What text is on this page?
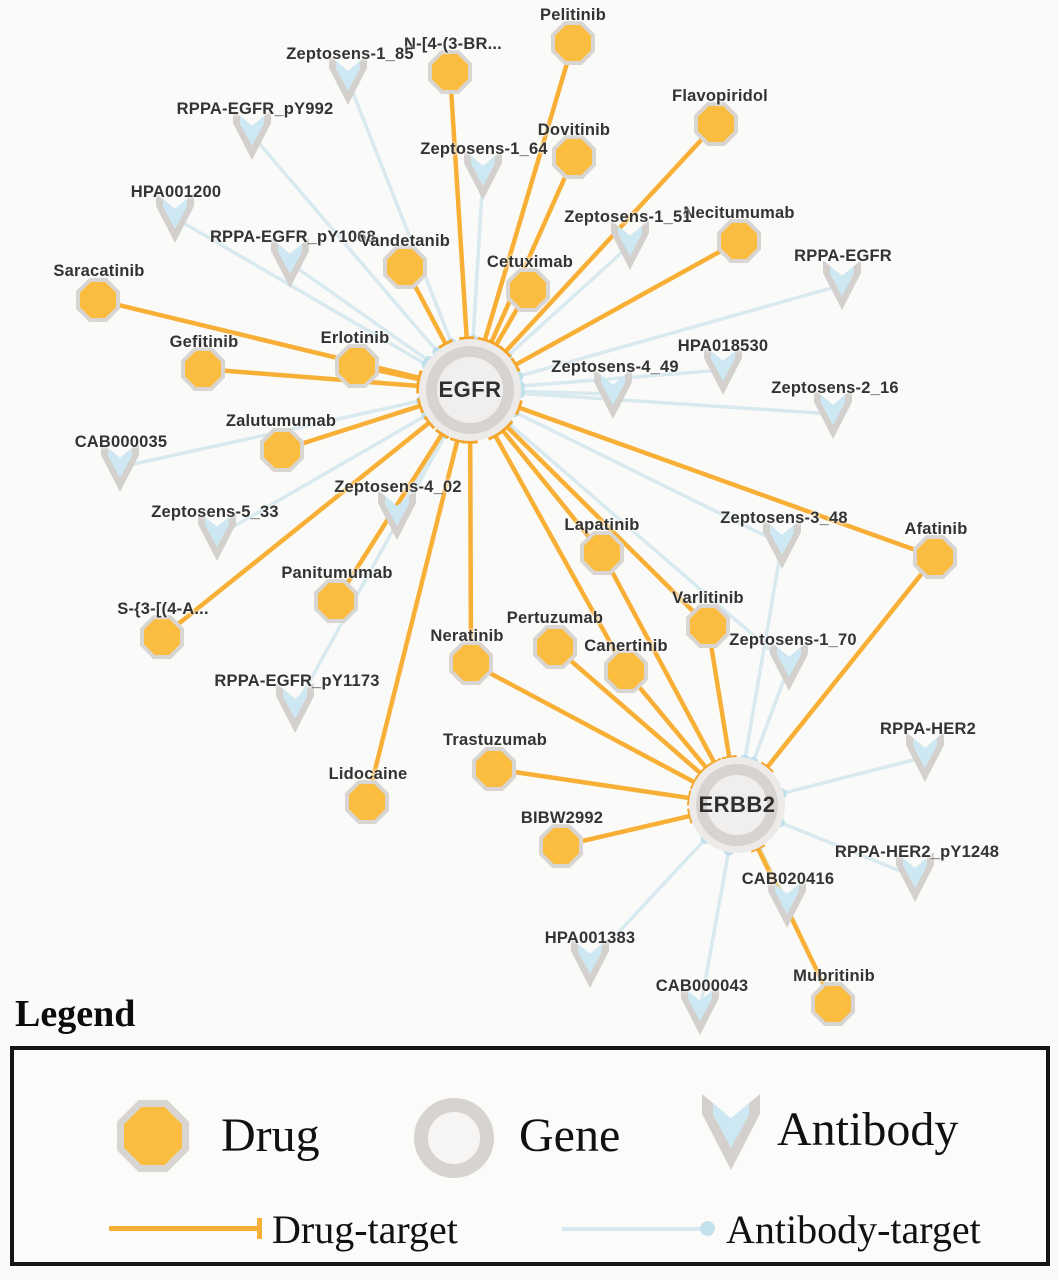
EGFR
ERBB2
Pelitinib
N-[4-(3-BR...
Zeptosens-1_85
Flavopiridol
RPPA-EGFR_pY992
Dovitinib
Zeptosens-1_64
HPA001200
Necitumumab
Zeptosens-1_51
RPPA-EGFR_pY1068
Vandetanib
RPPA-EGFR
Cetuximab
Saracatinib
Erlotinib
Gefitinib	HPA018530
Zeptosens-4_49
Zeptosens-2_16
Zalutumumab
CAB000035
Zeptosens-4_02
Zeptosens-5_33	Zeptosens-3_48
Lapatinib	Afatinib
Panitumumab
Varlitinib
S-{3-[(4-A...	Pertuzumab
Neratinib	Zeptosens-1_70
Canertinib
RPPA-EGFR_pY1173
RPPA-HER2
Trastuzumab
Lidocaine
BIBW2992
RPPA-HER2_pY1248
CAB020416
HPA001383
Mubritinib
CAB000043
Legend
Drug	Gene	Antibody
Drug-target	Antibody-target
